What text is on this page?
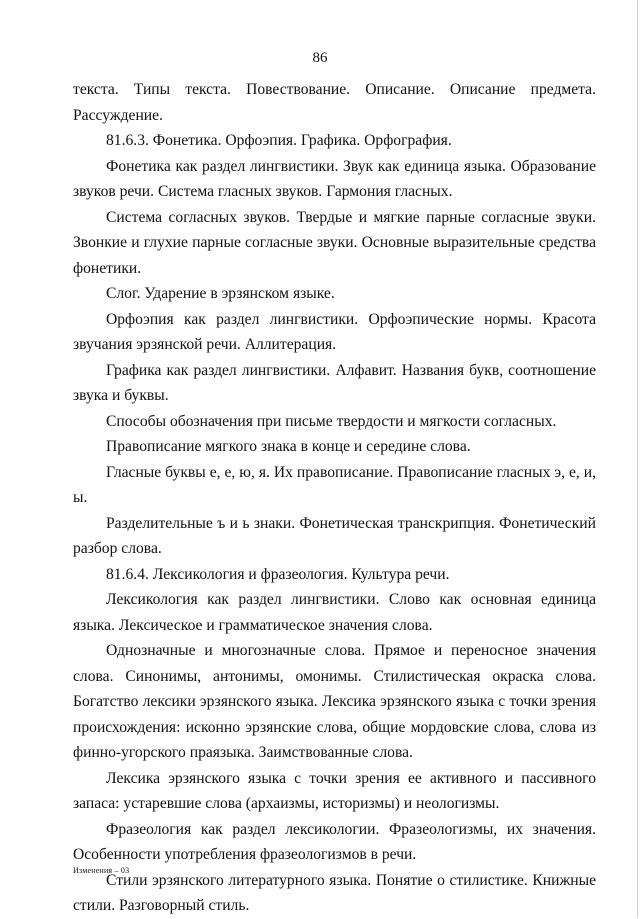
86

текста. Типы текста. Повествование. Описание. Описание предмета. Рассуждение.

81.6.3. Фонетика. Орфоэпия. Графика. Орфография.

Фонетика как раздел лингвистики. Звук как единица языка. Образование звуков речи. Система гласных звуков. Гармония гласных.

Система согласных звуков. Твердые и мягкие парные согласные звуки. Звонкие и глухие парные согласные звуки. Основные выразительные средства фонетики.

Слог. Ударение в эрзянском языке.

Орфоэпия как раздел лингвистики. Орфоэпические нормы. Красота звучания эрзянской речи. Аллитерация.

Графика как раздел лингвистики. Алфавит. Названия букв, соотношение звука и буквы.

Способы обозначения при письме твердости и мягкости согласных.

Правописание мягкого знака в конце и середине слова.

Гласные буквы е, е, ю, я. Их правописание. Правописание гласных э, е, и, ы.

Разделительные ъ и ь знаки. Фонетическая транскрипция. Фонетический разбор слова.

81.6.4. Лексикология и фразеология. Культура речи.

Лексикология как раздел лингвистики. Слово как основная единица языка. Лексическое и грамматическое значения слова.

Однозначные и многозначные слова. Прямое и переносное значения слова. Синонимы, антонимы, омонимы. Стилистическая окраска слова. Богатство лексики эрзянского языка. Лексика эрзянского языка с точки зрения происхождения: исконно эрзянские слова, общие мордовские слова, слова из финно-угорского праязыка. Заимствованные слова.

Лексика эрзянского языка с точки зрения ее активного и пассивного запаса: устаревшие слова (архаизмы, историзмы) и неологизмы.

Фразеология как раздел лексикологии. Фразеологизмы, их значения. Особенности употребления фразеологизмов в речи.

Стили эрзянского литературного языка. Понятие о стилистике. Книжные стили. Разговорный стиль.

Изменения – 03
